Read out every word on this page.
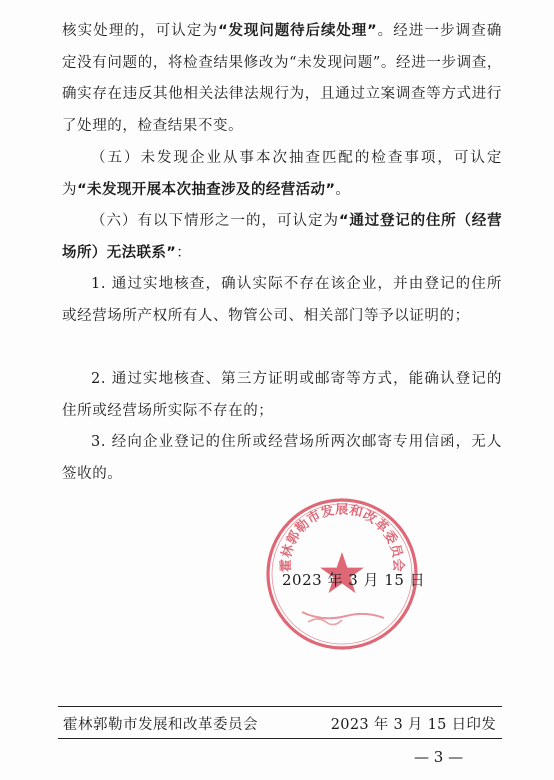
核实处理的，可认定为“发现问题待后续处理”。经进一步调查确定没有问题的，将检查结果修改为“未发现问题”。经进一步调查，确实存在违反其他相关法律法规行为，且通过立案调查等方式进行了处理的，检查结果不变。

（五）未发现企业从事本次抽查匹配的检查事项，可认定为“未发现开展本次抽查涉及的经营活动”。

（六）有以下情形之一的，可认定为“通过登记的住所（经营场所）无法联系”：

1. 通过实地核查，确认实际不存在该企业，并由登记的住所或经营场所产权所有人、物管公司、相关部门等予以证明的；

2. 通过实地核查、第三方证明或邮寄等方式，能确认登记的住所或经营场所实际不存在的；

3. 经向企业登记的住所或经营场所两次邮寄专用信函，无人签收的。

霍林郭勒市发展和改革委员会
2023 年 3 月 15 日
霍林郭勒市发展和改革委员会	2023 年 3 月 15 日印发
— 3 —
